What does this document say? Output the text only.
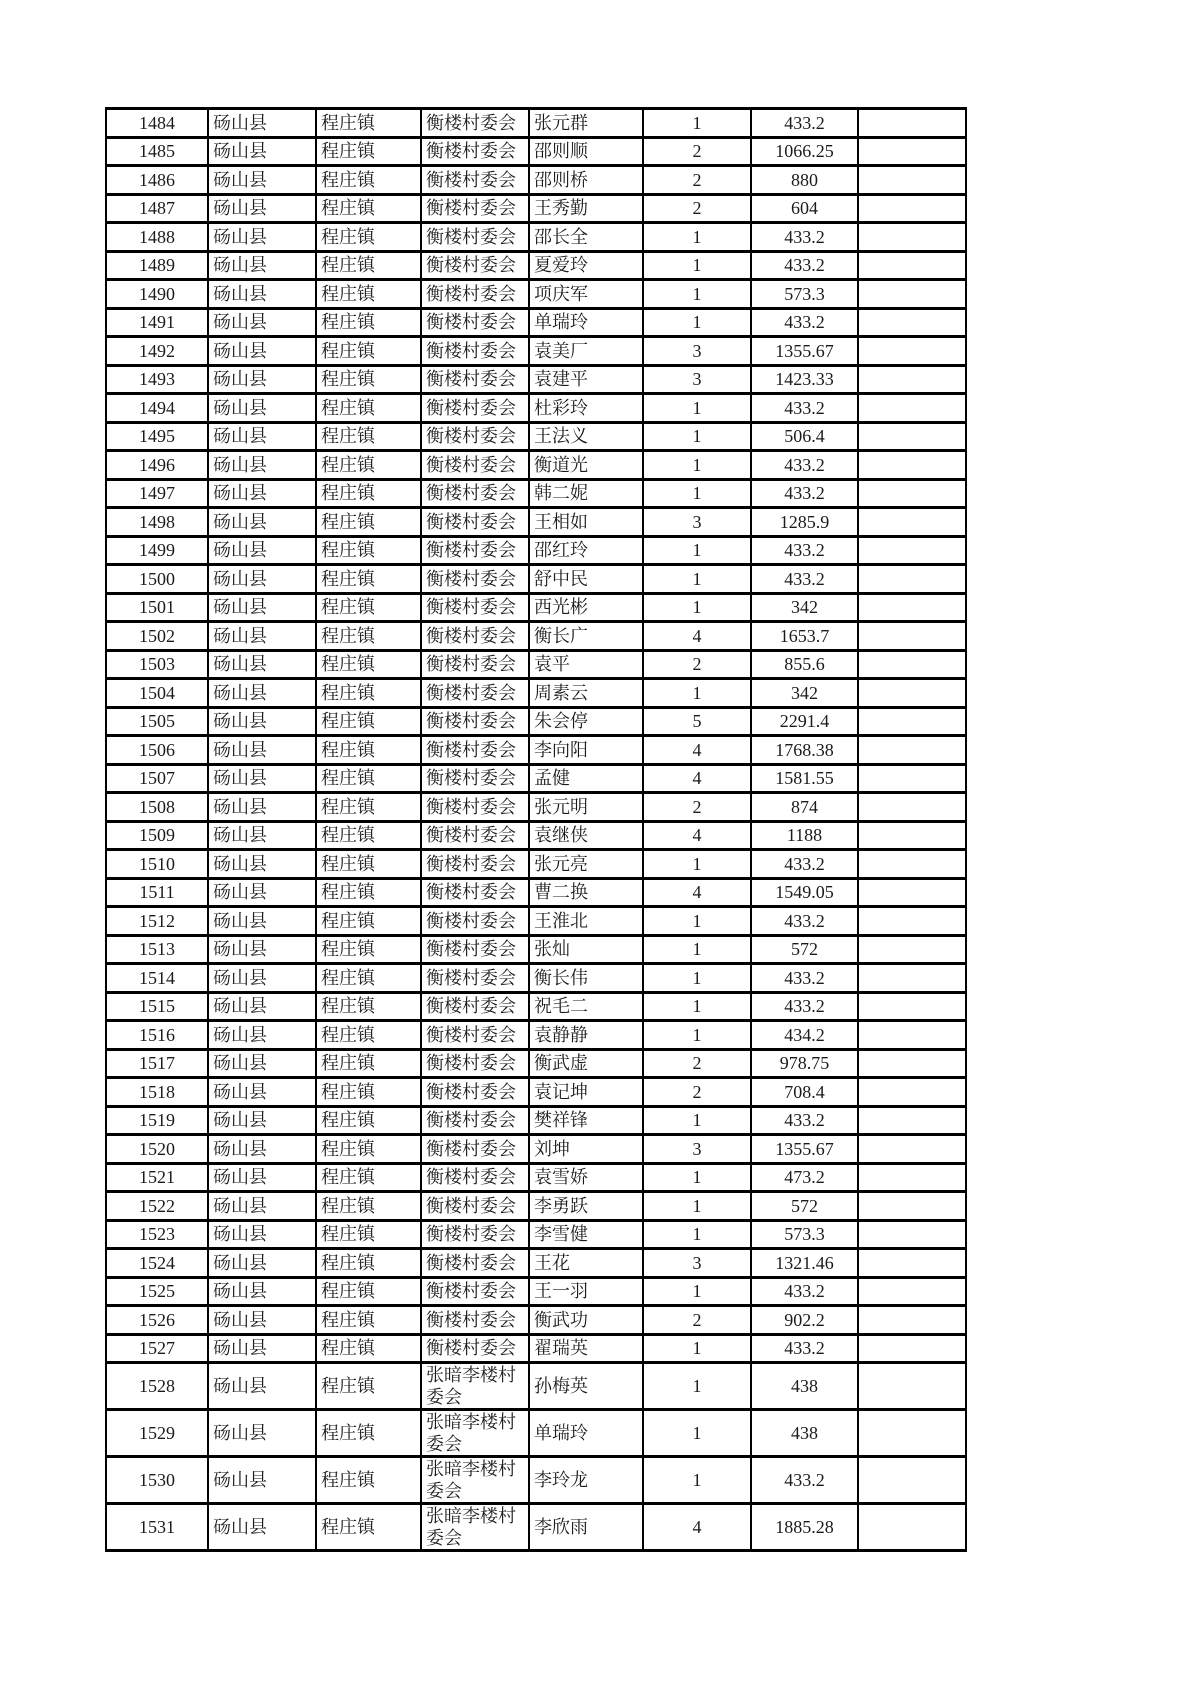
1484	砀山县	程庄镇	衡楼村委会	张元群	1	433.2	
1485	砀山县	程庄镇	衡楼村委会	邵则顺	2	1066.25	
1486	砀山县	程庄镇	衡楼村委会	邵则桥	2	880	
1487	砀山县	程庄镇	衡楼村委会	王秀勤	2	604	
1488	砀山县	程庄镇	衡楼村委会	邵长全	1	433.2	
1489	砀山县	程庄镇	衡楼村委会	夏爱玲	1	433.2	
1490	砀山县	程庄镇	衡楼村委会	项庆军	1	573.3	
1491	砀山县	程庄镇	衡楼村委会	单瑞玲	1	433.2	
1492	砀山县	程庄镇	衡楼村委会	袁美厂	3	1355.67	
1493	砀山县	程庄镇	衡楼村委会	袁建平	3	1423.33	
1494	砀山县	程庄镇	衡楼村委会	杜彩玲	1	433.2	
1495	砀山县	程庄镇	衡楼村委会	王法义	1	506.4	
1496	砀山县	程庄镇	衡楼村委会	衡道光	1	433.2	
1497	砀山县	程庄镇	衡楼村委会	韩二妮	1	433.2	
1498	砀山县	程庄镇	衡楼村委会	王相如	3	1285.9	
1499	砀山县	程庄镇	衡楼村委会	邵红玲	1	433.2	
1500	砀山县	程庄镇	衡楼村委会	舒中民	1	433.2	
1501	砀山县	程庄镇	衡楼村委会	西光彬	1	342	
1502	砀山县	程庄镇	衡楼村委会	衡长广	4	1653.7	
1503	砀山县	程庄镇	衡楼村委会	袁平	2	855.6	
1504	砀山县	程庄镇	衡楼村委会	周素云	1	342	
1505	砀山县	程庄镇	衡楼村委会	朱会停	5	2291.4	
1506	砀山县	程庄镇	衡楼村委会	李向阳	4	1768.38	
1507	砀山县	程庄镇	衡楼村委会	孟健	4	1581.55	
1508	砀山县	程庄镇	衡楼村委会	张元明	2	874	
1509	砀山县	程庄镇	衡楼村委会	袁继侠	4	1188	
1510	砀山县	程庄镇	衡楼村委会	张元亮	1	433.2	
1511	砀山县	程庄镇	衡楼村委会	曹二换	4	1549.05	
1512	砀山县	程庄镇	衡楼村委会	王淮北	1	433.2	
1513	砀山县	程庄镇	衡楼村委会	张灿	1	572	
1514	砀山县	程庄镇	衡楼村委会	衡长伟	1	433.2	
1515	砀山县	程庄镇	衡楼村委会	祝毛二	1	433.2	
1516	砀山县	程庄镇	衡楼村委会	袁静静	1	434.2	
1517	砀山县	程庄镇	衡楼村委会	衡武虚	2	978.75	
1518	砀山县	程庄镇	衡楼村委会	袁记坤	2	708.4	
1519	砀山县	程庄镇	衡楼村委会	樊祥锋	1	433.2	
1520	砀山县	程庄镇	衡楼村委会	刘坤	3	1355.67	
1521	砀山县	程庄镇	衡楼村委会	袁雪娇	1	473.2	
1522	砀山县	程庄镇	衡楼村委会	李勇跃	1	572	
1523	砀山县	程庄镇	衡楼村委会	李雪健	1	573.3	
1524	砀山县	程庄镇	衡楼村委会	王花	3	1321.46	
1525	砀山县	程庄镇	衡楼村委会	王一羽	1	433.2	
1526	砀山县	程庄镇	衡楼村委会	衡武功	2	902.2	
1527	砀山县	程庄镇	衡楼村委会	翟瑞英	1	433.2	
1528	砀山县	程庄镇	张暗李楼村委会	孙梅英	1	438	
1529	砀山县	程庄镇	张暗李楼村委会	单瑞玲	1	438	
1530	砀山县	程庄镇	张暗李楼村委会	李玲龙	1	433.2	
1531	砀山县	程庄镇	张暗李楼村委会	李欣雨	4	1885.28	
